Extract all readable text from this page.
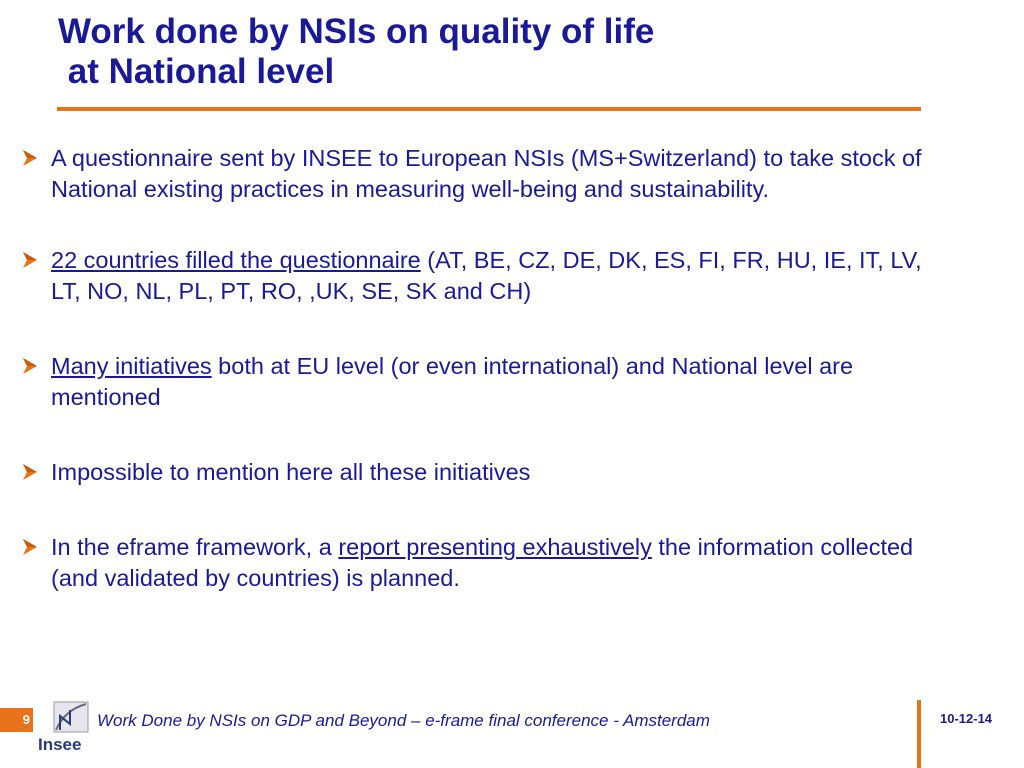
Work done by NSIs on quality of life
at National level
A questionnaire sent by INSEE to European NSIs (MS+Switzerland) to take stock of National existing practices in measuring well-being and sustainability.
22 countries filled the questionnaire (AT, BE, CZ, DE, DK, ES, FI, FR, HU, IE, IT, LV, LT, NO, NL, PL, PT, RO, ,UK, SE, SK and CH)
Many initiatives both at EU level (or even international) and National level are mentioned
Impossible to mention here all these initiatives
In the eframe framework, a report presenting exhaustively the information collected (and validated by countries) is planned.
9
Insee
Work Done by NSIs on GDP and Beyond – e-frame final conference - Amsterdam	10-12-14
